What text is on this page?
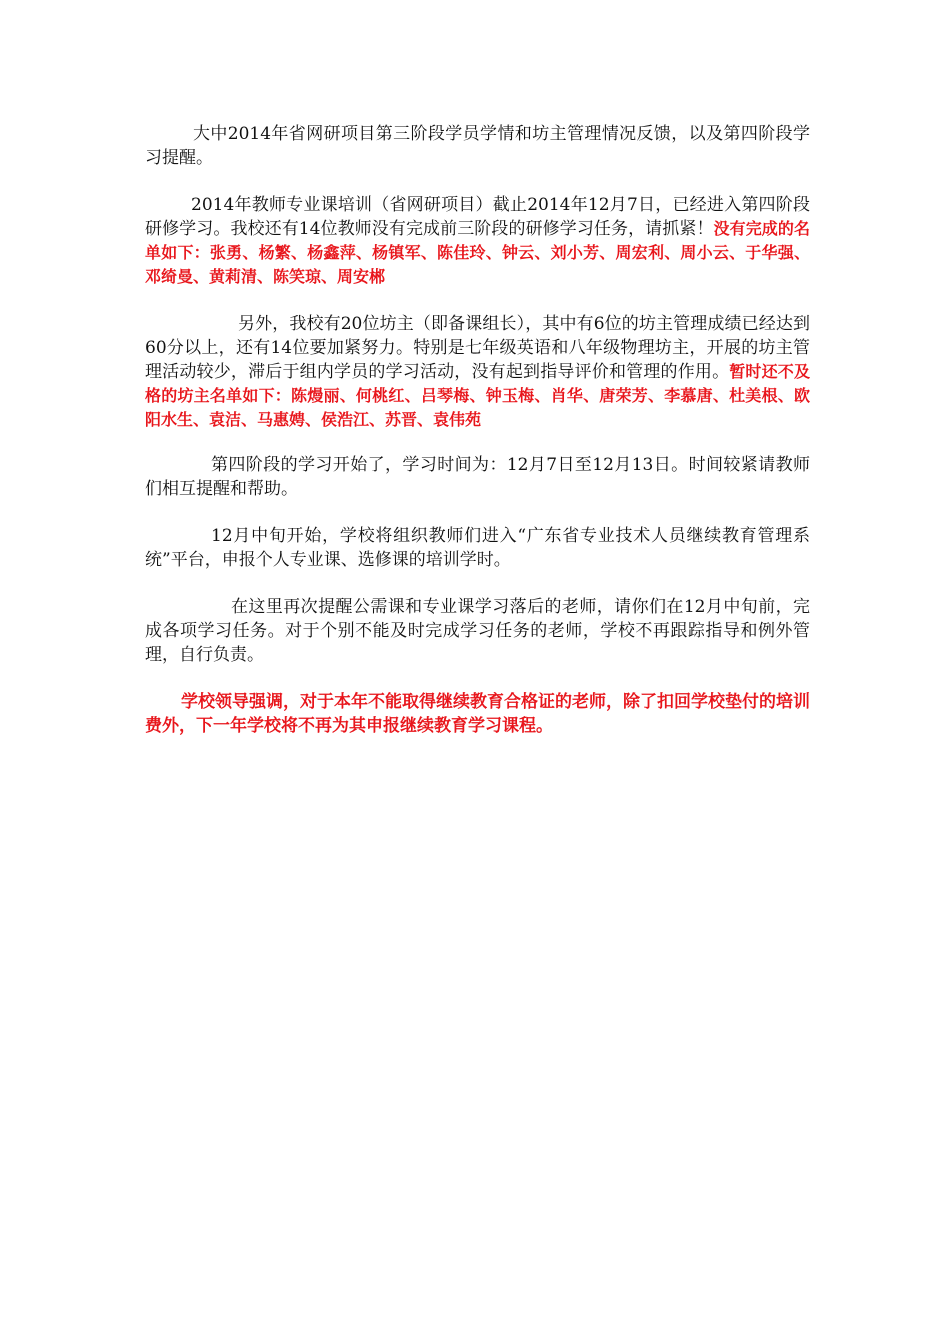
大中2014年省网研项目第三阶段学员学情和坊主管理情况反馈，以及第四阶段学习提醒。

2014年教师专业课培训（省网研项目）截止2014年12月7日，已经进入第四阶段研修学习。我校还有14位教师没有完成前三阶段的研修学习任务，请抓紧！没有完成的名单如下：张勇、杨繁、杨鑫萍、杨镇军、陈佳玲、钟云、刘小芳、周宏利、周小云、于华强、邓绮曼、黄莉清、陈笑琼、周安郴

另外，我校有20位坊主（即备课组长），其中有6位的坊主管理成绩已经达到60分以上，还有14位要加紧努力。特别是七年级英语和八年级物理坊主，开展的坊主管理活动较少，滞后于组内学员的学习活动，没有起到指导评价和管理的作用。暂时还不及格的坊主名单如下：陈熳丽、何桃红、吕琴梅、钟玉梅、肖华、唐荣芳、李慕唐、杜美根、欧阳水生、袁洁、马惠娉、侯浩江、苏晋、袁伟苑

第四阶段的学习开始了，学习时间为：12月7日至12月13日。时间较紧请教师们相互提醒和帮助。

12月中旬开始，学校将组织教师们进入“广东省专业技术人员继续教育管理系统”平台，申报个人专业课、选修课的培训学时。

在这里再次提醒公需课和专业课学习落后的老师，请你们在12月中旬前，完成各项学习任务。对于个别不能及时完成学习任务的老师，学校不再跟踪指导和例外管理，自行负责。

学校领导强调，对于本年不能取得继续教育合格证的老师，除了扣回学校垫付的培训费外，下一年学校将不再为其申报继续教育学习课程。
